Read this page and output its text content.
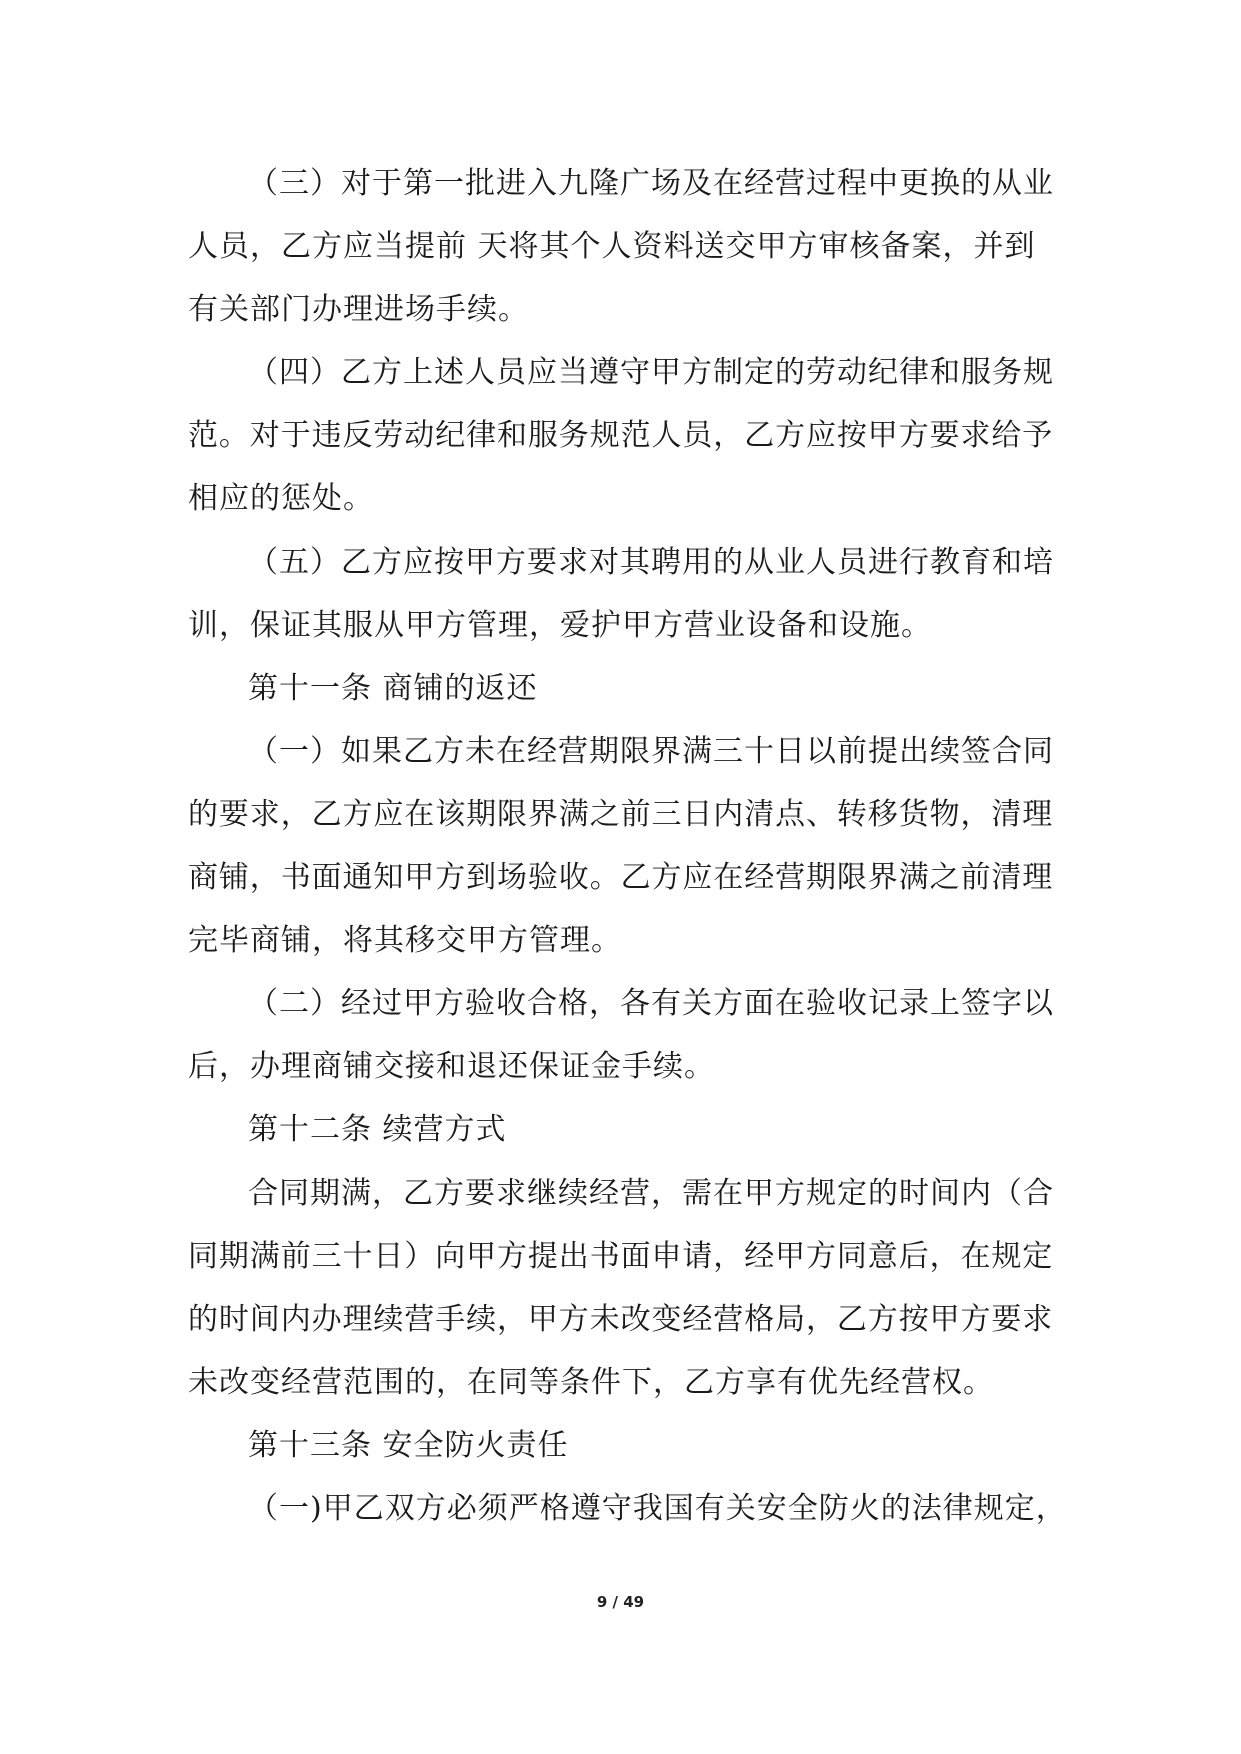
（三）对于第一批进入九隆广场及在经营过程中更换的从业
人员，乙方应当提前 天将其个人资料送交甲方审核备案，并到
有关部门办理进场手续。
（四）乙方上述人员应当遵守甲方制定的劳动纪律和服务规
范。对于违反劳动纪律和服务规范人员，乙方应按甲方要求给予
相应的惩处。
（五）乙方应按甲方要求对其聘用的从业人员进行教育和培
训，保证其服从甲方管理，爱护甲方营业设备和设施。
第十一条 商铺的返还
（一）如果乙方未在经营期限界满三十日以前提出续签合同
的要求，乙方应在该期限界满之前三日内清点、转移货物，清理
商铺，书面通知甲方到场验收。乙方应在经营期限界满之前清理
完毕商铺，将其移交甲方管理。
（二）经过甲方验收合格，各有关方面在验收记录上签字以
后，办理商铺交接和退还保证金手续。
第十二条 续营方式
合同期满，乙方要求继续经营，需在甲方规定的时间内（合
同期满前三十日）向甲方提出书面申请，经甲方同意后，在规定
的时间内办理续营手续，甲方未改变经营格局，乙方按甲方要求
未改变经营范围的，在同等条件下，乙方享有优先经营权。
第十三条 安全防火责任
（一)甲乙双方必须严格遵守我国有关安全防火的法律规定，
9 / 49
